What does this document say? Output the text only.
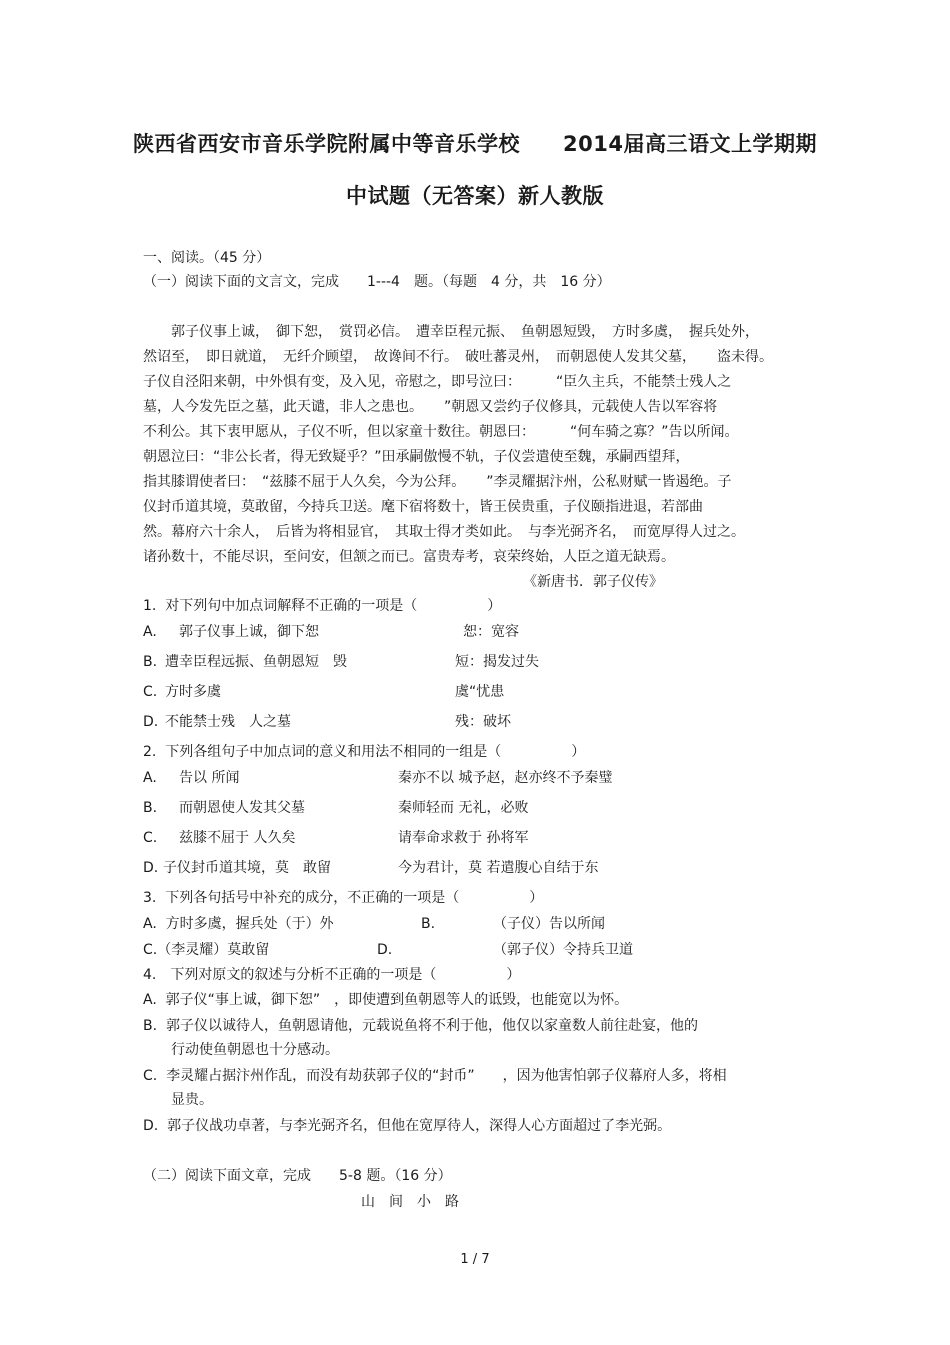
陕西省西安市音乐学院附属中等音乐学校　　2014届高三语文上学期期
中试题（无答案）新人教版
一、阅读。（45 分）
（一）阅读下面的文言文，完成　　1---4　题。（每题　4 分，共　16 分）
　　郭子仪事上诚，　御下恕，　赏罚必信。　遭幸臣程元振、　鱼朝恩短毁，　方时多虞，　握兵处外，
然诏至，　即日就道，　无纤介顾望，　故谗间不行。　破吐蕃灵州，　而朝恩使人发其父墓，　　盗未得。
子仪自泾阳来朝，中外惧有变，及入见，帝慰之，即号泣曰：　　　“臣久主兵，不能禁士残人之
墓，人今发先臣之墓，此天谴，非人之患也。　　”朝恩又尝约子仪修具，元载使人告以军容将
不利公。其下衷甲愿从，子仪不听，但以家童十数往。朝恩曰：　　　“何车骑之寡？”告以所闻。
朝恩泣曰：“非公长者，得无致疑乎？”田承嗣傲慢不轨，子仪尝遣使至魏，承嗣西望拜，
指其膝谓使者曰：　“兹膝不屈于人久矣，今为公拜。　　”李灵耀据汴州，公私财赋一皆遏绝。子
仪封币道其境，莫敢留，今持兵卫送。麾下宿将数十，皆王侯贵重，子仪颐指进退，若部曲
然。幕府六十余人，　后皆为将相显官，　其取士得才类如此。　与李光弼齐名，　而宽厚得人过之。
诸孙数十，不能尽识，至问安，但颔之而已。富贵寿考，哀荣终始，人臣之道无缺焉。
《新唐书．郭子仪传》
1.  对下列句中加点词解释不正确的一项是（　　　　　）
A. 　郭子仪事上诚，御下恕	恕：宽容
B. 遭幸臣程远振、鱼朝恩短　毁	短：揭发过失
C. 方时多虞	虞“忧患
D. 不能禁士残　人之墓	残：破坏
2.  下列各组句子中加点词的意义和用法不相同的一组是（　　　　　）
A. 　告以 所闻	秦亦不以 城予赵，赵亦终不予秦璧
B. 　而朝恩使人发其父墓	秦师轻而 无礼，必败
C. 　兹膝不屈于 人久矣	请奉命求救于 孙将军
D. 子仪封币道其境，莫　敢留	今为君计，莫 若遣腹心自结于东
3.  下列各句括号中补充的成分，不正确的一项是（　　　　　）
A.  方时多虞，握兵处（于）外	B.	（子仪）告以所闻
C.（李灵耀）莫敢留	D.	（郭子仪）令持兵卫道
4.　下列对原文的叙述与分析不正确的一项是（　　　　　）
A.  郭子仪“事上诚，御下恕”　，即使遭到鱼朝恩等人的诋毁，也能宽以为怀。
B.  郭子仪以诚待人，鱼朝恩请他，元载说鱼将不利于他，他仅以家童数人前往赴宴，他的
　　行动使鱼朝恩也十分感动。
C.  李灵耀占据汴州作乱，而没有劫获郭子仪的“封币”　　，因为他害怕郭子仪幕府人多，将相
　　显贵。
D.  郭子仪战功卓著，与李光弼齐名，但他在宽厚待人，深得人心方面超过了李光弼。
（二）阅读下面文章，完成　　5-8 题。（16 分）
山　间　小　路
1 / 7
